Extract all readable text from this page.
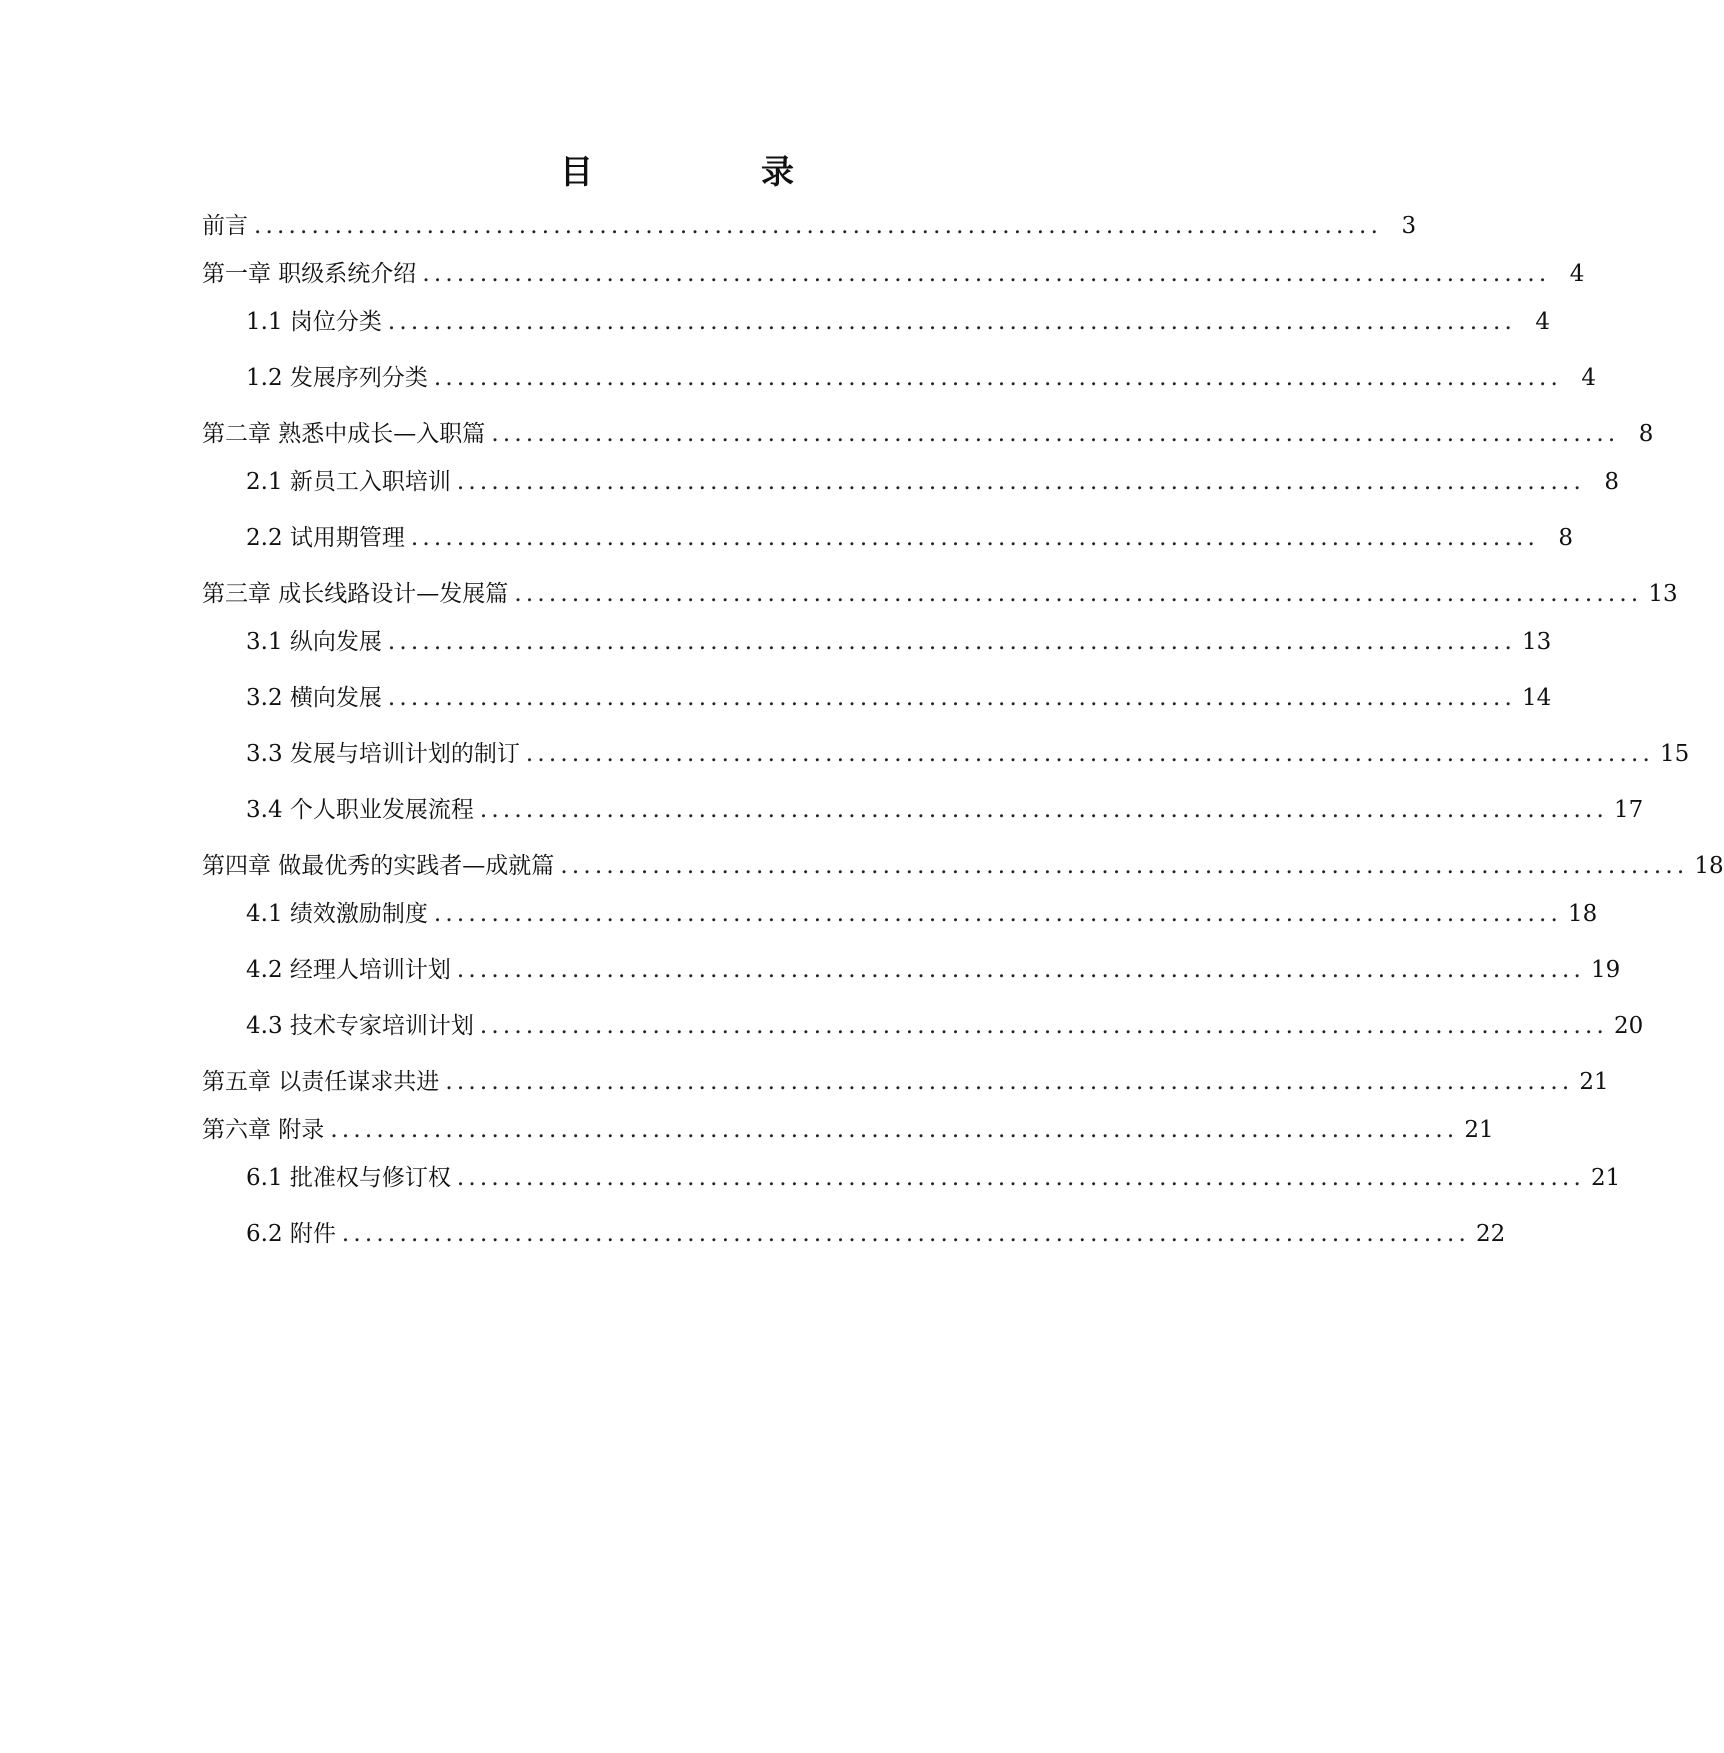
目	录
前言 .................................................................................................. 3
第一章 职级系统介绍 .................................................................................................. 4
1.1 岗位分类 .................................................................................................. 4
1.2 发展序列分类 .................................................................................................. 4
第二章 熟悉中成长—入职篇 .................................................................................................. 8
2.1 新员工入职培训 .................................................................................................. 8
2.2 试用期管理 .................................................................................................. 8
第三章 成长线路设计—发展篇 .................................................................................................. 13
3.1 纵向发展 .................................................................................................. 13
3.2 横向发展 .................................................................................................. 14
3.3 发展与培训计划的制订 .................................................................................................. 15
3.4 个人职业发展流程 .................................................................................................. 17
第四章 做最优秀的实践者—成就篇 .................................................................................................. 18
4.1 绩效激励制度 .................................................................................................. 18
4.2 经理人培训计划 .................................................................................................. 19
4.3 技术专家培训计划 .................................................................................................. 20
第五章 以责任谋求共进 .................................................................................................. 21
第六章 附录 .................................................................................................. 21
6.1 批准权与修订权 .................................................................................................. 21
6.2 附件 .................................................................................................. 22
